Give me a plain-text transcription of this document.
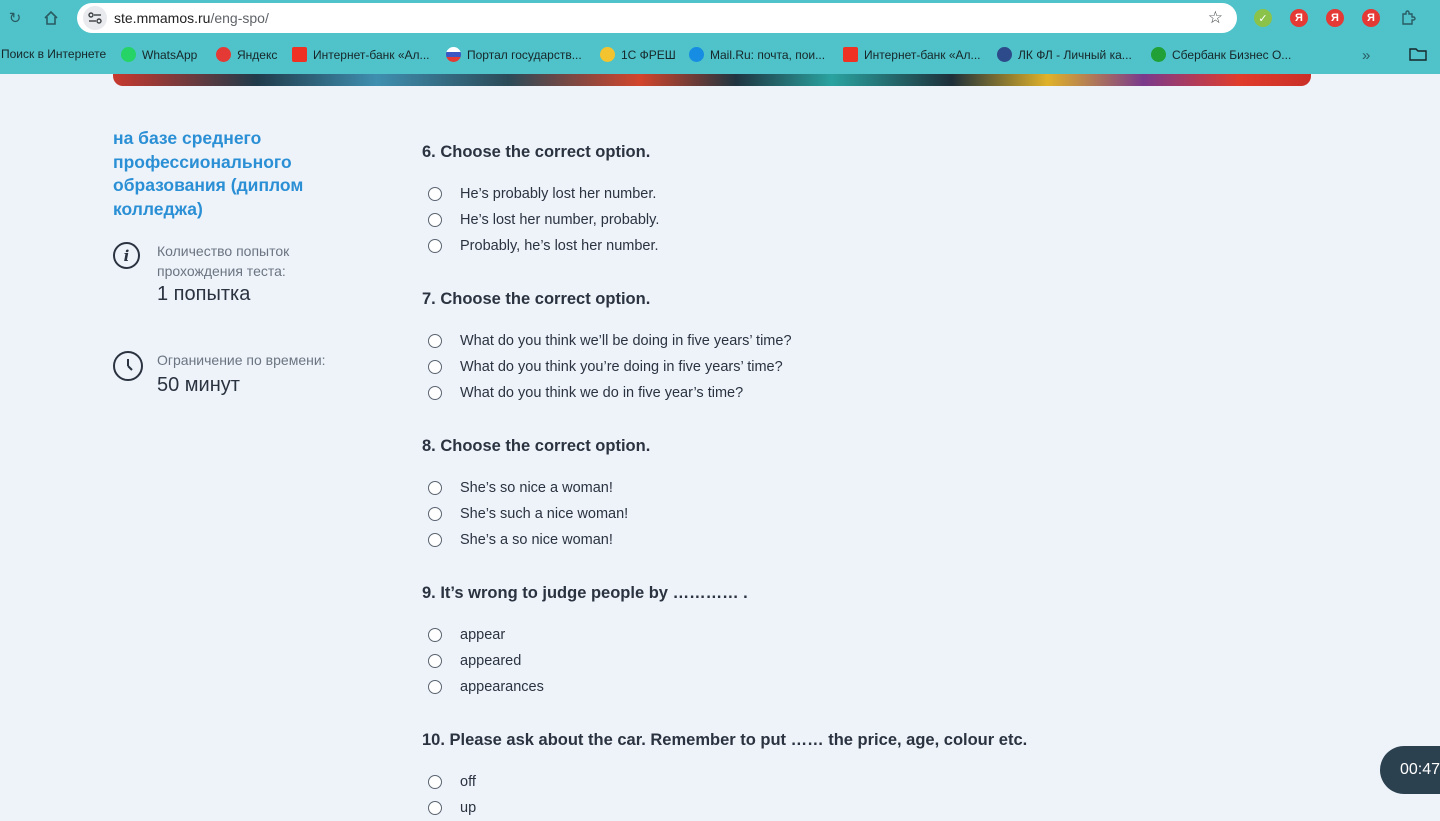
↻	ste.mmamos.ru/eng-spo/	☆	✓	Я	Я	Я
Поиск в Интернете	WhatsApp	Яндекс	Интернет-банк «Ал...	Портал государств...	1С ФРЕШ	Mail.Ru: почта, пои...	Интернет-банк «Ал...	ЛК ФЛ - Личный ка...	Сбербанк Бизнес О...	»
на базе среднего профессионального образования (диплом колледжа)
i	Количество попыток прохождения теста:
1 попытка
Ограничение по времени:
50 минут
6. Choose the correct option.
He’s probably lost her number.
He’s lost her number, probably.
Probably, he’s lost her number.
7. Choose the correct option.
What do you think we’ll be doing in five years’ time?
What do you think you’re doing in five years’ time?
What do you think we do in five year’s time?
8. Choose the correct option.
She’s so nice a woman!
She’s such a nice woman!
She’s a so nice woman!
9. It’s wrong to judge people by ………… .
appear
appeared
appearances
10. Please ask about the car. Remember to put …… the price, age, colour etc.
off
up
00:47
